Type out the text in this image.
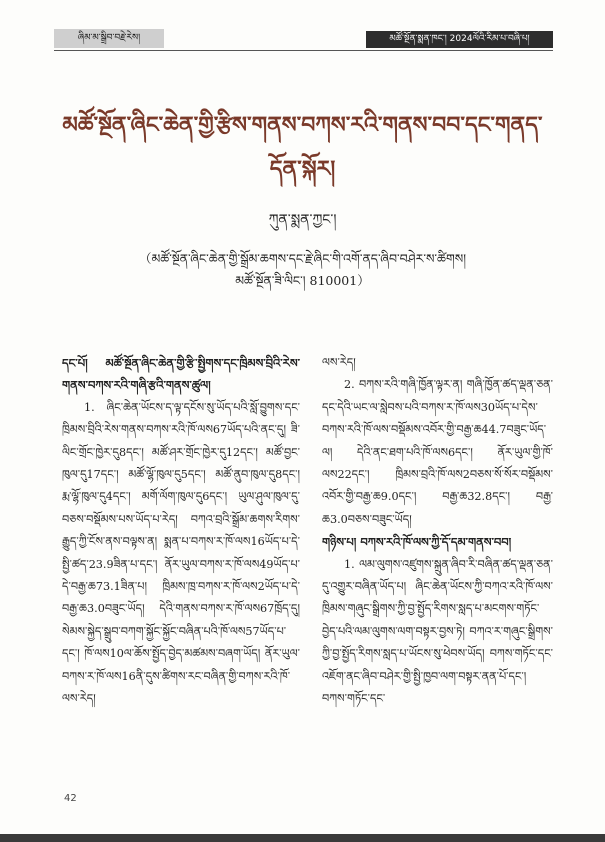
ཞིམ་མ་སྒྲིབ་བརྗེ་རེས།	མཚོ་སྔོན་སྨན་ཁང་། 2024ལོའི་རིམ་པ་བཞི་པ།
མཚོ་སྔོན་ཞིང་ཆེན་གྱི་རྩིས་གནས་བཀས་རའི་གནས་བབ་དང་གནད་དོན་སྐོར།
ཀུན་སྨན་ཀྱང་།
（མཚོ་སྔོན་ཞིང་ཆེན་གྱི་སྒྲོམ་ཆགས་དང་རྗེ་ཞིང་གི་འགོ་ནད་ཞིབ་བཤེར་ས་ཚིགས།
མཚོ་སྔོན་ཟི་ལིང་། 810001）
དང་པོ། མཚོ་སྔོན་ཞིང་ཆེན་གྱི་རྩི་སྤྱིགས་དང་ཁྲིམས་བྲིའི་རེས་གནས་བཀས་རའི་གཞི་རྩའི་གནས་ཚུལ།

1. ཞིང་ཆེན་ཡོངས་ད་ལྟ་དངོས་སུ་ཡོད་པའི་སློ་བྱུགས་དང་ཁྲིམས་བྲིའི་རེས་གནས་བཀས་རའི་ཁོ་ལས67ཡོད་པའི་ནང་དུ། ཟི་ལིང་གྲོང་ཁྱེར་དུ8དང་། མཚོ་ཤར་གྲོང་ཁྱེར་དུ12དང་། མཚོ་བྱང་ཁུལ་དུ17དང་། མཚོ་ལྷོ་ཁུལ་དུ5དང་། མཚོ་ནུབ་ཁུལ་དུ8དང་། རྨ་ལྷོ་ཁུལ་དུ4དང་། མགོ་ལོག་ཁུལ་དུ6དང་། ཡུལ་ཤུལ་ཁུལ་དུ་བཅས་བསྡོམས་པས་ཡོད་པ་རེད། བཀའ་བྲའི་སྒྲོམ་ཆགས་རིགས་རྒྱུད་ཀྱི་ངོས་ནས་བལྟས་ན། སྨན་པ་བཀས་ར་ཁོ་ལས16ཡོད་པ་དེ་སྤྱི་ཚད་23.9ཟིན་པ་དང་། ནོར་ཡུལ་བཀས་ར་ཁོ་ལས49ཡོད་པ་དེ་བརྒྱ་ཆ73.1ཟིན་པ། ཁྲིམས་ཁྲ་བཀས་ར་ཁོ་ལས2ཡོད་པ་དེ་བརྒྱ་ཆ3.0བཟུང་ཡོད། དེའི་གནས་བཀས་ར་ཁོ་ལས67ཁྲོད་དུ། སེམས་སྐྱེད་སྒྲུབ་བཀག་སྐྱོང་སྐྱོང་བཞིན་པའི་ཁོ་ལས57ཡོད་པ་དང་། ཁོ་ལས10ལ་ཆོས་སྤྱོད་བྱེད་མཚམས་བཞག་ཡོད། ནོར་ཡུལ་བཀས་ར་ཁོ་ལས16ནི་དུས་ཚིགས་རང་བཞིན་གྱི་བཀས་རའི་ཁོ་ལས་རེད།

ལས་རེད།

2. བཀས་རའི་གཞི་ཁྱོན་ལྟར་ན། གཞི་ཁྱོན་ཚད་ལྡན་ཅན་དང་དེའི་ཡང་ལ་སླེབས་པའི་བཀས་ར་ཁོ་ལས30ཡོད་པ་དེས་བཀས་རའི་ཁོ་ལས་བསྡོམས་འབོར་གྱི་བརྒྱ་ཆ44.7བཟུང་ཡོད་ལ། དེའི་ནང་ཐག་པའི་ཁོ་ལས6དང་། ནོར་ཡུལ་གྱི་ཁོ་ལས22དང་། ཁྲིམས་བྲའི་ཁོ་ལས2བཅས་སོ་སོར་བསྡོམས་འབོར་གྱི་བརྒྱ་ཆ9.0དང་། བརྒྱ་ཆ32.8དང་། བརྒྱ་ཆ3.0བཅས་བཟུང་ཡོད།

གཉིས་པ། བཀས་རའི་ཁོ་ལས་ཀྱི་དོ་དམ་གནས་བབ།

1. ལམ་ལུགས་འཛུགས་སྐྲུན་ཞིབ་རི་བཞིན་ཚད་ལྡན་ཅན་དུ་འགྱུར་བཞིན་ཡོད་པ། ཞིང་ཆེན་ཡོངས་ཀྱི་བཀའ་རའི་ཁོ་ལས་ཁྲིམས་གཞུང་སྒྲིགས་ཀྱི་བྱ་སྤྱོད་རིགས་སླད་པ་མངགས་གཏོང་བྱེད་པའི་ལམ་ལུགས་ལག་བསྟར་བྱས་ཏེ། བཀའ་ར་གཞུང་སྒྲིགས་ཀྱི་བྱ་སྤྱོད་རིགས་སླད་པ་ཡོངས་སུ་ཕེབས་ཡོད། བཀས་གཏོང་དང་འཇོག་ནང་ཞིབ་བཤེར་གྱི་སྤྱི་ཁྱབ་ལག་བསྟར་ནན་པོ་དང་། བཀས་གཏོང་དང་

42
